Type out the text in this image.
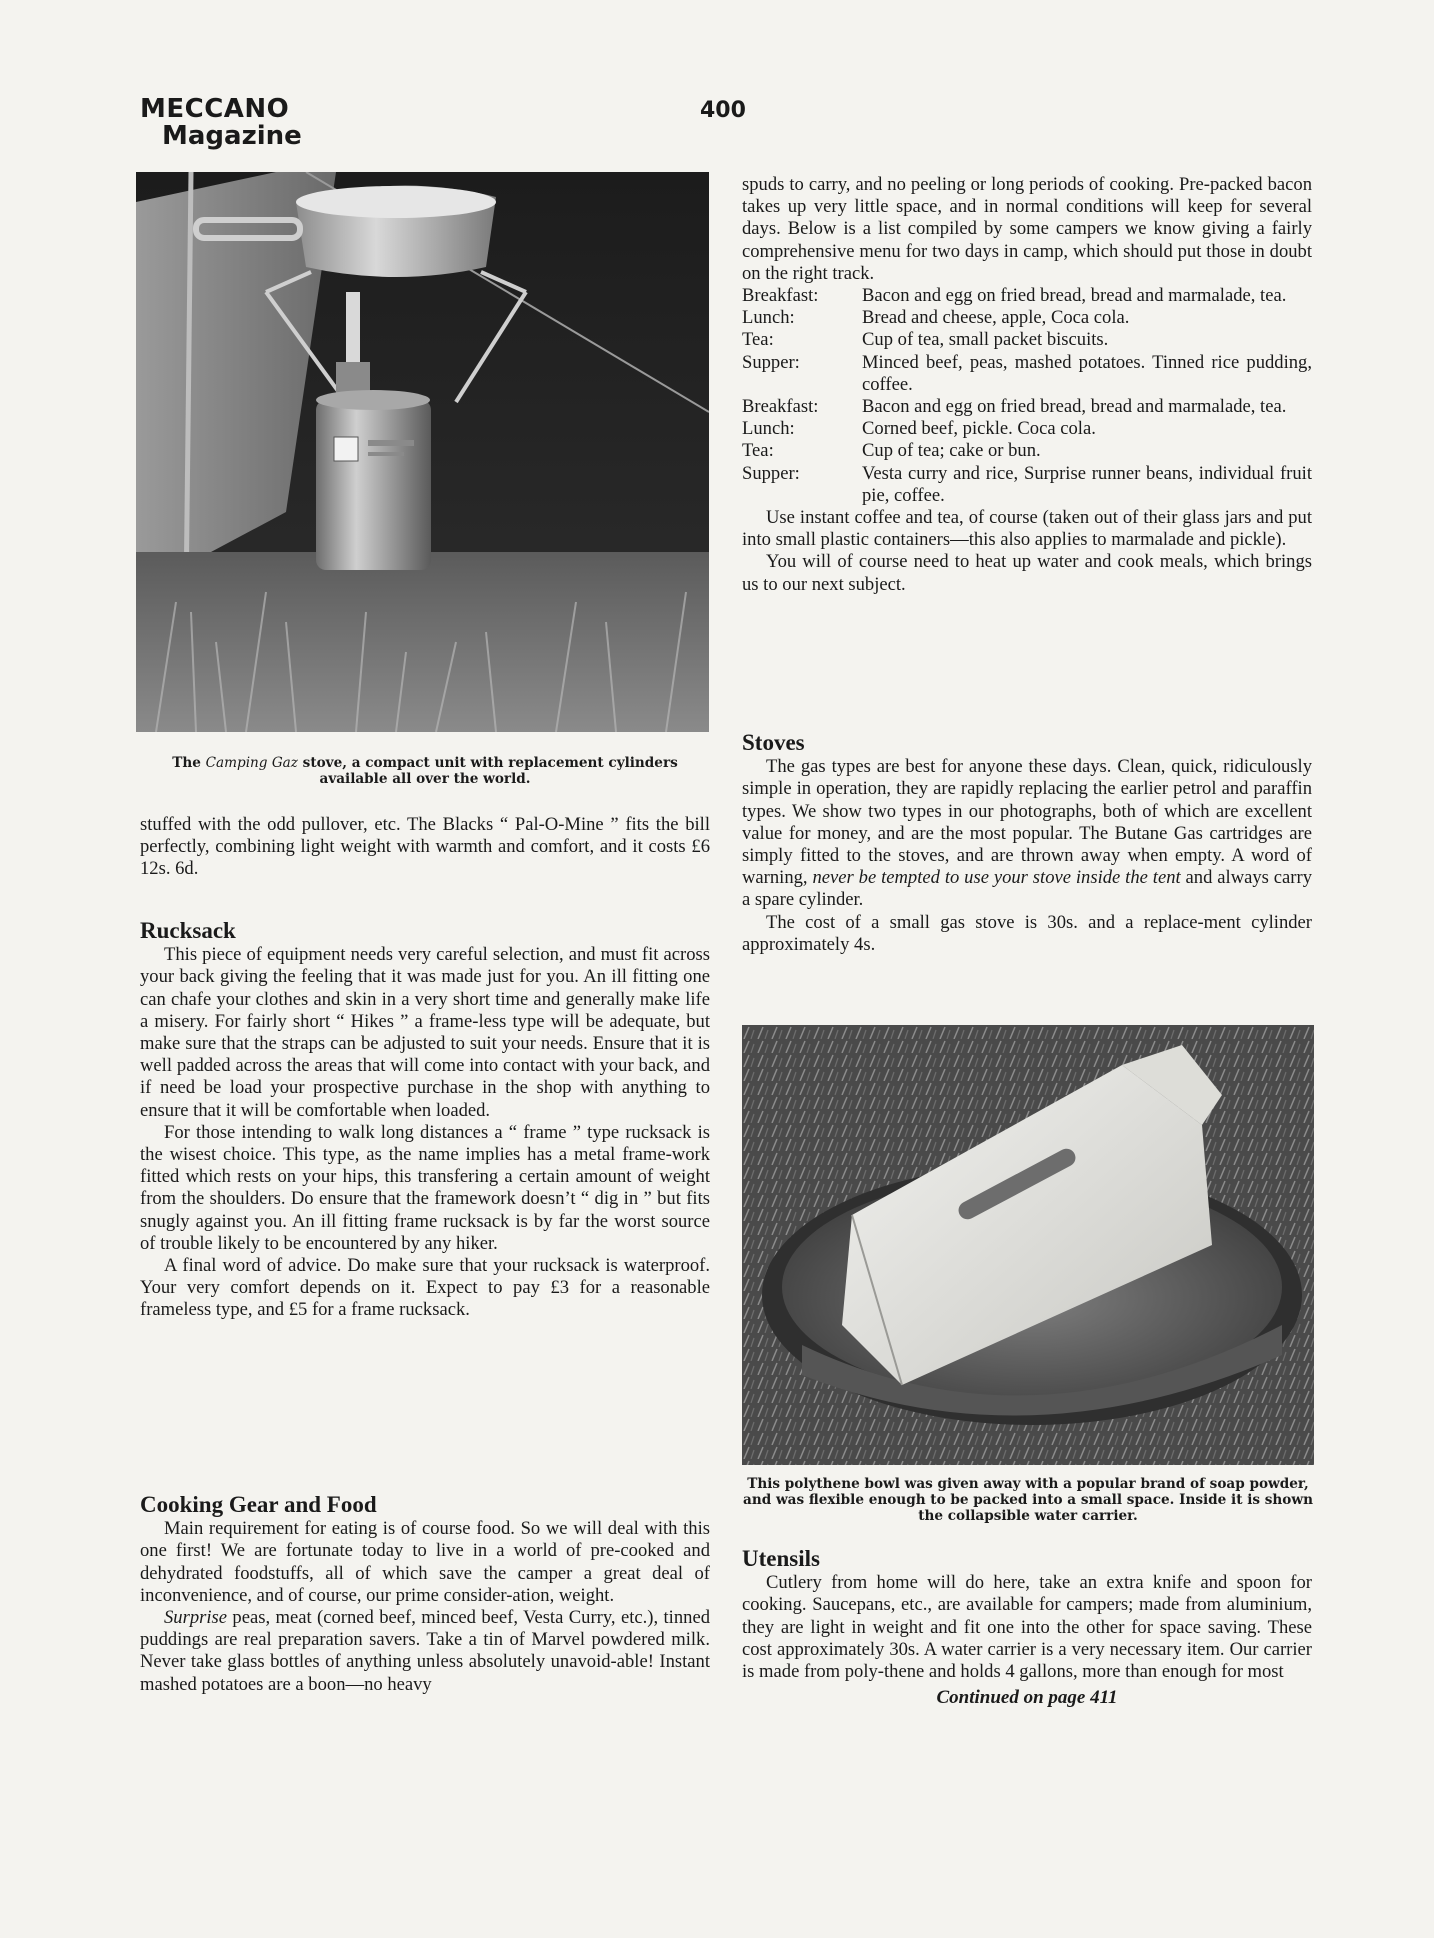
MECCANO
Magazine
400
The Camping Gaz stove, a compact unit with replacement cylinders available all over the world.

stuffed with the odd pullover, etc. The Blacks “ Pal-O-Mine ” fits the bill perfectly, combining light weight with warmth and comfort, and it costs £6 12s. 6d.

Rucksack

This piece of equipment needs very careful selection, and must fit across your back giving the feeling that it was made just for you. An ill fitting one can chafe your clothes and skin in a very short time and generally make life a misery. For fairly short “ Hikes ” a frame-less type will be adequate, but make sure that the straps can be adjusted to suit your needs. Ensure that it is well padded across the areas that will come into contact with your back, and if need be load your prospective purchase in the shop with anything to ensure that it will be comfortable when loaded.

For those intending to walk long distances a “ frame ” type rucksack is the wisest choice. This type, as the name implies has a metal frame-work fitted which rests on your hips, this transfering a certain amount of weight from the shoulders. Do ensure that the framework doesn’t “ dig in ” but fits snugly against you. An ill fitting frame rucksack is by far the worst source of trouble likely to be encountered by any hiker.

A final word of advice. Do make sure that your rucksack is waterproof. Your very comfort depends on it. Expect to pay £3 for a reasonable frameless type, and £5 for a frame rucksack.

Cooking Gear and Food

Main requirement for eating is of course food. So we will deal with this one first! We are fortunate today to live in a world of pre-cooked and dehydrated foodstuffs, all of which save the camper a great deal of inconvenience, and of course, our prime consider-ation, weight.

Surprise peas, meat (corned beef, minced beef, Vesta Curry, etc.), tinned puddings are real preparation savers. Take a tin of Marvel powdered milk. Never take glass bottles of anything unless absolutely unavoid-able! Instant mashed potatoes are a boon—no heavy

spuds to carry, and no peeling or long periods of cooking. Pre-packed bacon takes up very little space, and in normal conditions will keep for several days. Below is a list compiled by some campers we know giving a fairly comprehensive menu for two days in camp, which should put those in doubt on the right track.

Breakfast:	Bacon and egg on fried bread, bread and marmalade, tea.
Lunch:	Bread and cheese, apple, Coca cola.
Tea:	Cup of tea, small packet biscuits.
Supper:	Minced beef, peas, mashed potatoes. Tinned rice pudding, coffee.
Breakfast:	Bacon and egg on fried bread, bread and marmalade, tea.
Lunch:	Corned beef, pickle. Coca cola.
Tea:	Cup of tea; cake or bun.
Supper:	Vesta curry and rice, Surprise runner beans, individual fruit pie, coffee.

Use instant coffee and tea, of course (taken out of their glass jars and put into small plastic containers—this also applies to marmalade and pickle).

You will of course need to heat up water and cook meals, which brings us to our next subject.

Stoves

The gas types are best for anyone these days. Clean, quick, ridiculously simple in operation, they are rapidly replacing the earlier petrol and paraffin types. We show two types in our photographs, both of which are excellent value for money, and are the most popular. The Butane Gas cartridges are simply fitted to the stoves, and are thrown away when empty. A word of warning, never be tempted to use your stove inside the tent and always carry a spare cylinder.

The cost of a small gas stove is 30s. and a replace-ment cylinder approximately 4s.

This polythene bowl was given away with a popular brand of soap powder, and was flexible enough to be packed into a small space. Inside it is shown the collapsible water carrier.
Utensils

Cutlery from home will do here, take an extra knife and spoon for cooking. Saucepans, etc., are available for campers; made from aluminium, they are light in weight and fit one into the other for space saving. These cost approximately 30s. A water carrier is a very necessary item. Our carrier is made from poly-thene and holds 4 gallons, more than enough for most

Continued on page 411
